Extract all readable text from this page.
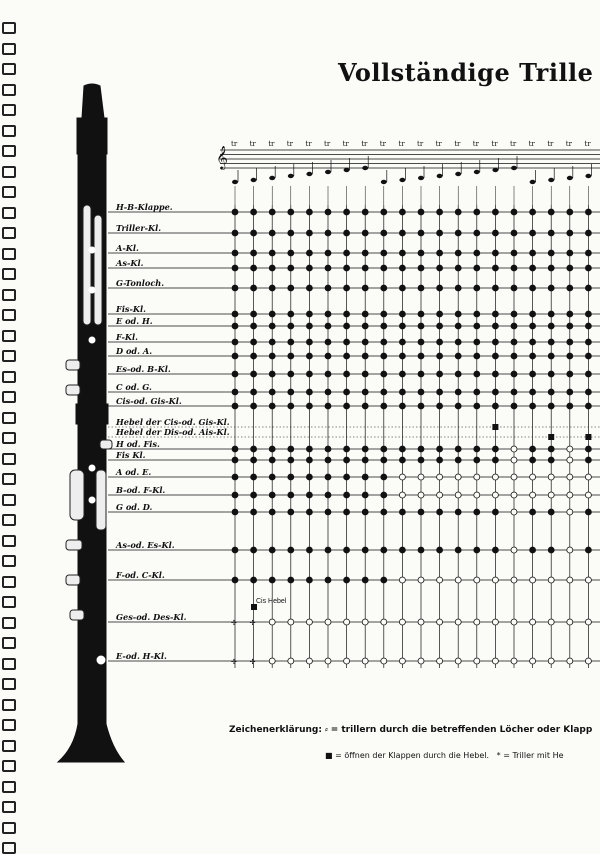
Vollständige Trille
𝄞
tr tr tr tr tr tr tr tr tr tr tr tr tr tr tr tr tr tr tr tr
✢ ✢
✢ ✢
H-B-Klappe.
Triller-Kl.
A-Kl.
As-Kl.
G-Tonloch.
Fis-Kl.
E od. H.
F-Kl.
D od. A.
Es-od. B-Kl.
C od. G.
Cis-od. Gis-Kl.
Hebel der Cis-od. Gis-Kl.
Hebel der Dis-od. Ais-Kl.
H od. Fis.
Fis Kl.
A od. E.
B-od. F-Kl.
G od. D.
As-od. Es-Kl.
F-od. C-Kl.
Ges-od. Des-Kl.
E-od. H-Kl.
Cis Hebel
Zeichenerklärung: ⸗ = trillern durch die betreffenden Löcher oder Klapp
■ = öffnen der Klappen durch die Hebel. * = Triller mit He
